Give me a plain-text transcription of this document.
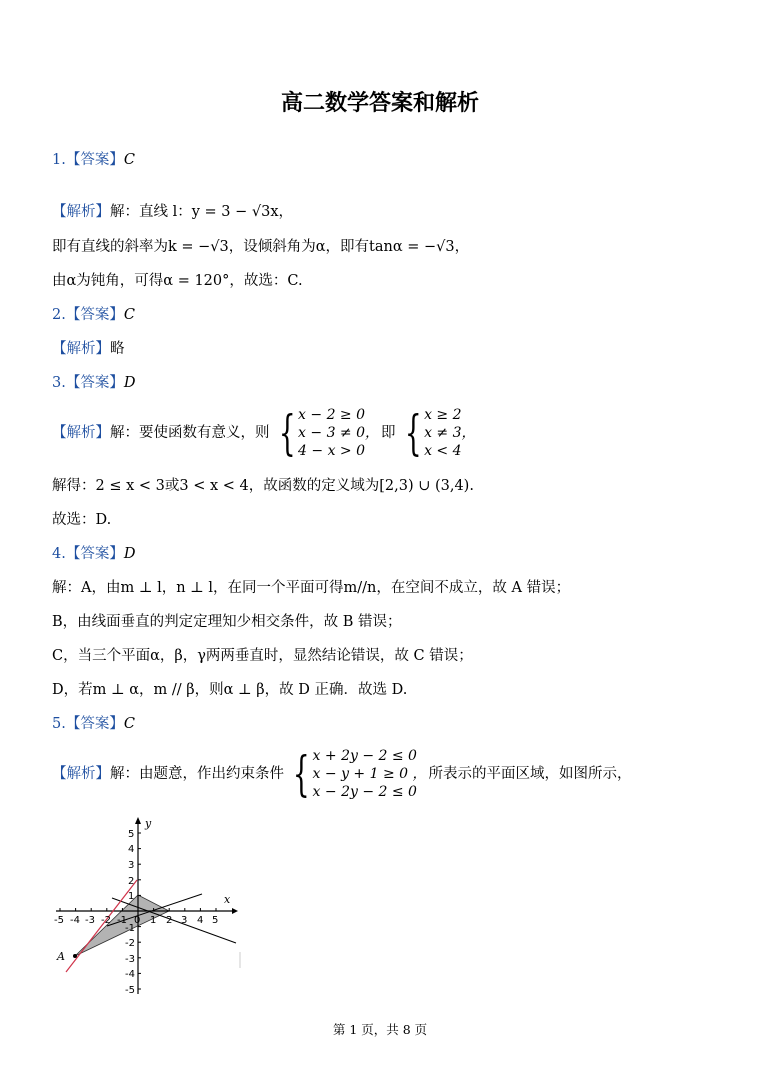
高二数学答案和解析
1.【答案】C
【解析】解：直线 l：y = 3 − √3x，
即有直线的斜率为k = −√3，设倾斜角为α，即有tanα = −√3，
由α为钝角，可得α = 120°，故选：C.
2.【答案】C
【解析】略
3.【答案】D
【解析】 解：要使函数有意义，则 { x − 2 ≥ 0
x − 3 ≠ 0，
4 − x > 0
即 { x ≥ 2
x ≠ 3，
x < 4
解得：2 ≤ x < 3或3 < x < 4，故函数的定义域为[2,3) ∪ (3,4).
故选：D.
4.【答案】D
解：A，由m ⊥ l，n ⊥ l，在同一个平面可得m//n，在空间不成立，故 A 错误；
B，由线面垂直的判定定理知少相交条件，故 B 错误；
C，当三个平面α，β，γ两两垂直时，显然结论错误，故 C 错误；
D，若m ⊥ α，m // β，则α ⊥ β，故 D 正确．故选 D.
5.【答案】C
【解析】 解：由题意，作出约束条件 { x + 2y − 2 ≤ 0
x − y + 1 ≥ 0 ，
x − 2y − 2 ≤ 0
所表示的平面区域，如图所示，
-5 -4 -3 -2 -1 0 1 2 3 4 5
5
4
3
2
1
-1
-2
-3
-4
-5
x
y
A
第 1 页，共 8 页
